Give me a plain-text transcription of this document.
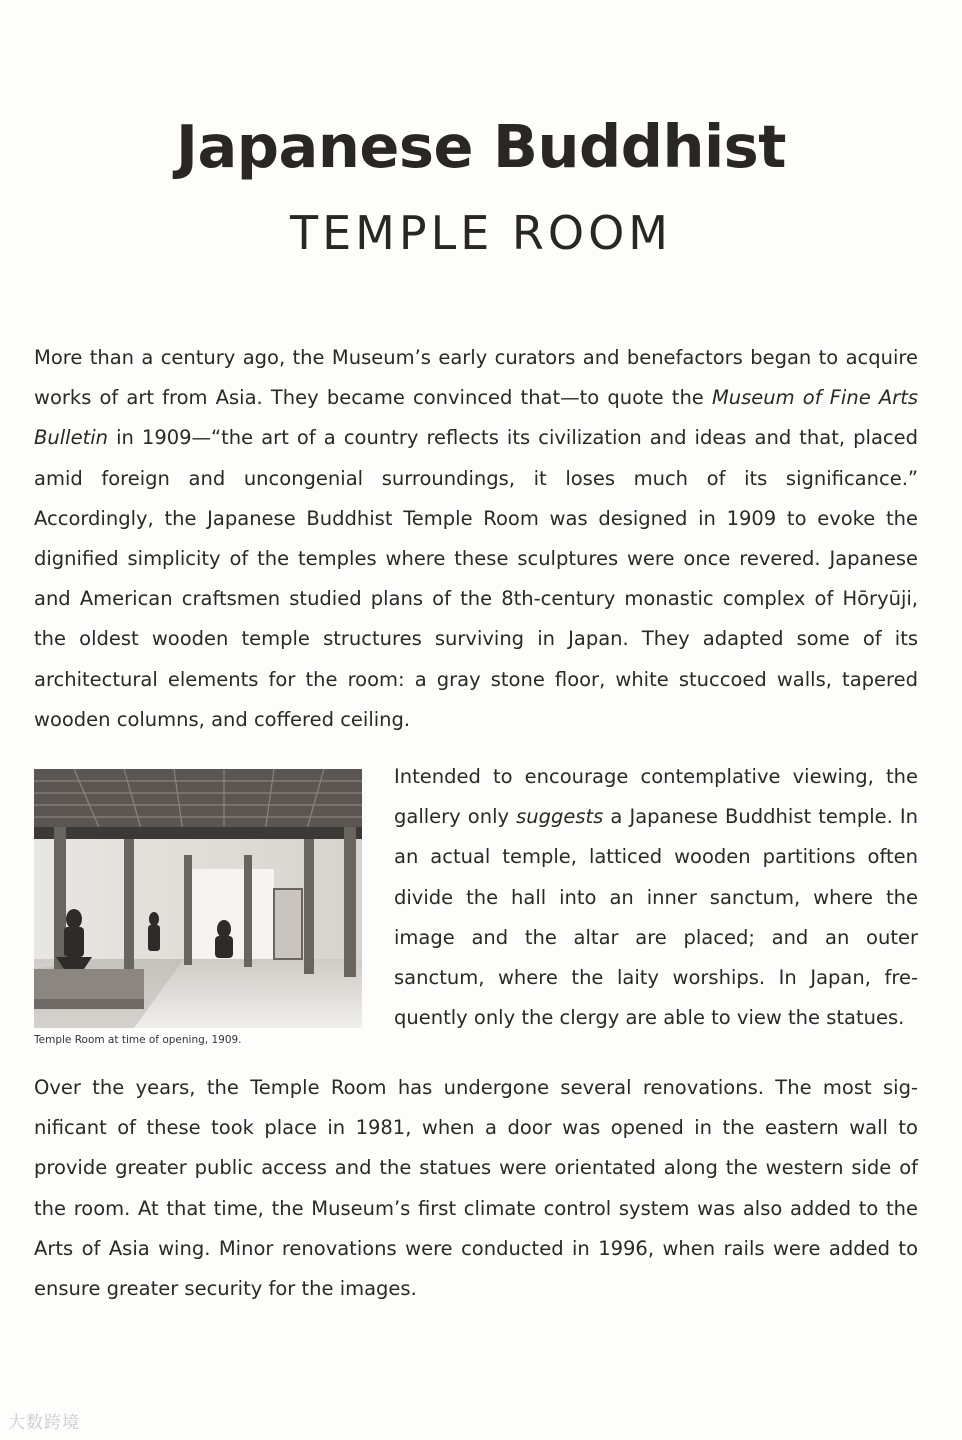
Japanese Buddhist
TEMPLE ROOM

More than a century ago, the Museum’s early curators and benefactors began to acquire works of art from Asia. They became convinced that—to quote the Museum of Fine Arts Bulletin in 1909—“the art of a country reflects its civilization and ideas and that, placed amid foreign and uncongenial surroundings, it loses much of its significance.” Accordingly, the Japanese Buddhist Temple Room was designed in 1909 to evoke the dignified simplicity of the temples where these sculptures were once revered. Japanese and American craftsmen studied plans of the 8th-century monastic complex of Hōryūji, the oldest wooden temple structures surviving in Japan. They adapted some of its architectural elements for the room: a gray stone floor, white stuccoed walls, tapered wooden columns, and coffered ceiling.

Temple Room at time of opening, 1909.

Intended to encourage contemplative viewing, the gallery only suggests a Japanese Buddhist temple. In an actual temple, latticed wooden partitions often divide the hall into an inner sanctum, where the image and the altar are placed; and an outer sanctum, where the laity worships. In Japan, fre-quently only the clergy are able to view the statues.

Over the years, the Temple Room has undergone several renovations. The most sig-nificant of these took place in 1981, when a door was opened in the eastern wall to provide greater public access and the statues were orientated along the western side of the room. At that time, the Museum’s first climate control system was also added to the Arts of Asia wing. Minor renovations were conducted in 1996, when rails were added to ensure greater security for the images.

大数跨境
